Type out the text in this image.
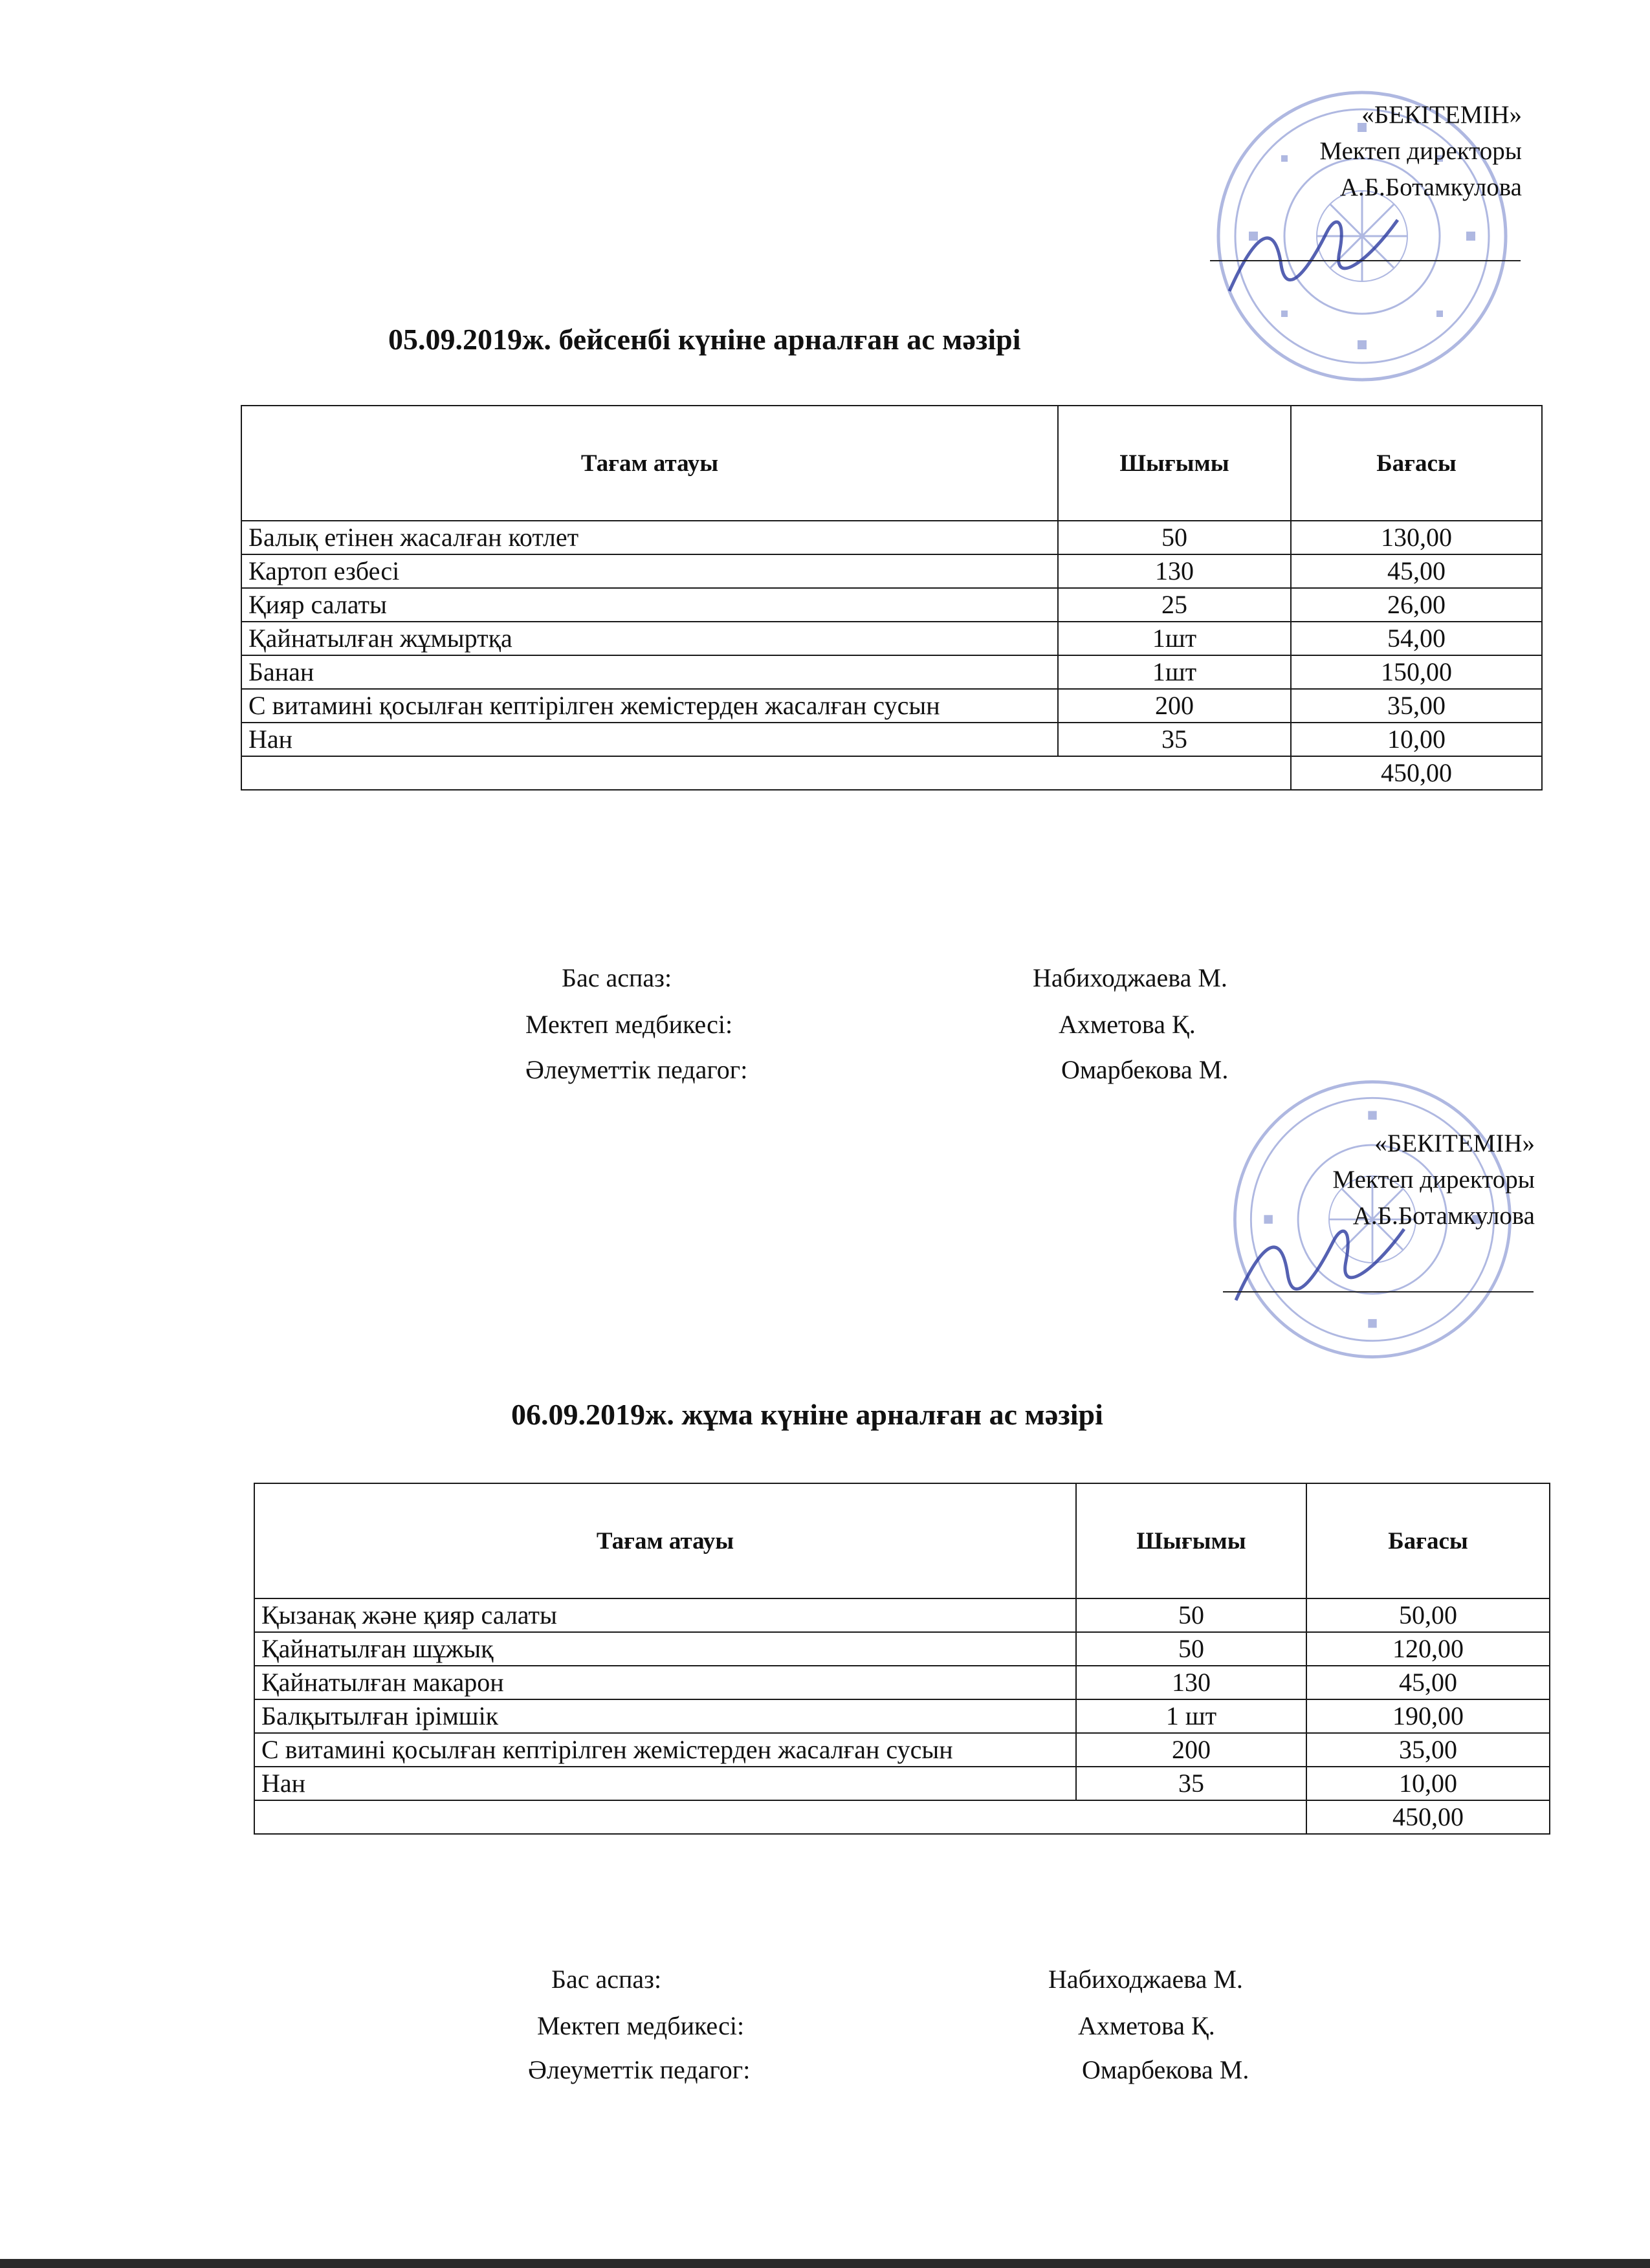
«БЕКІТЕМІН»
Мектеп директоры
А.Б.Ботамкулова
05.09.2019ж. бейсенбі күніне арналған ас мәзірі
Тағам атауы	Шығымы	Бағасы
Балық етінен жасалған котлет	50	130,00
Картоп езбесі	130	45,00
Қияр салаты	25	26,00
Қайнатылған жұмыртқа	1шт	54,00
Банан	1шт	150,00
С витамині қосылған кептірілген жемістерден жасалған сусын	200	35,00
Нан	35	10,00
		450,00
Бас аспаз:	Набиходжаева М.
Мектеп медбикесі:	Ахметова Қ.
Әлеуметтік педагог:	Омарбекова М.
«БЕКІТЕМІН»
Мектеп директоры
А.Б.Ботамкулова
06.09.2019ж. жұма күніне арналған ас мәзірі
Тағам атауы	Шығымы	Бағасы
Қызанақ және қияр салаты	50	50,00
Қайнатылған шұжық	50	120,00
Қайнатылған макарон	130	45,00
Балқытылған ірімшік	1 шт	190,00
С витамині қосылған кептірілген жемістерден жасалған сусын	200	35,00
Нан	35	10,00
		450,00
Бас аспаз:	Набиходжаева М.
Мектеп медбикесі:	Ахметова Қ.
Әлеуметтік педагог:	Омарбекова М.
